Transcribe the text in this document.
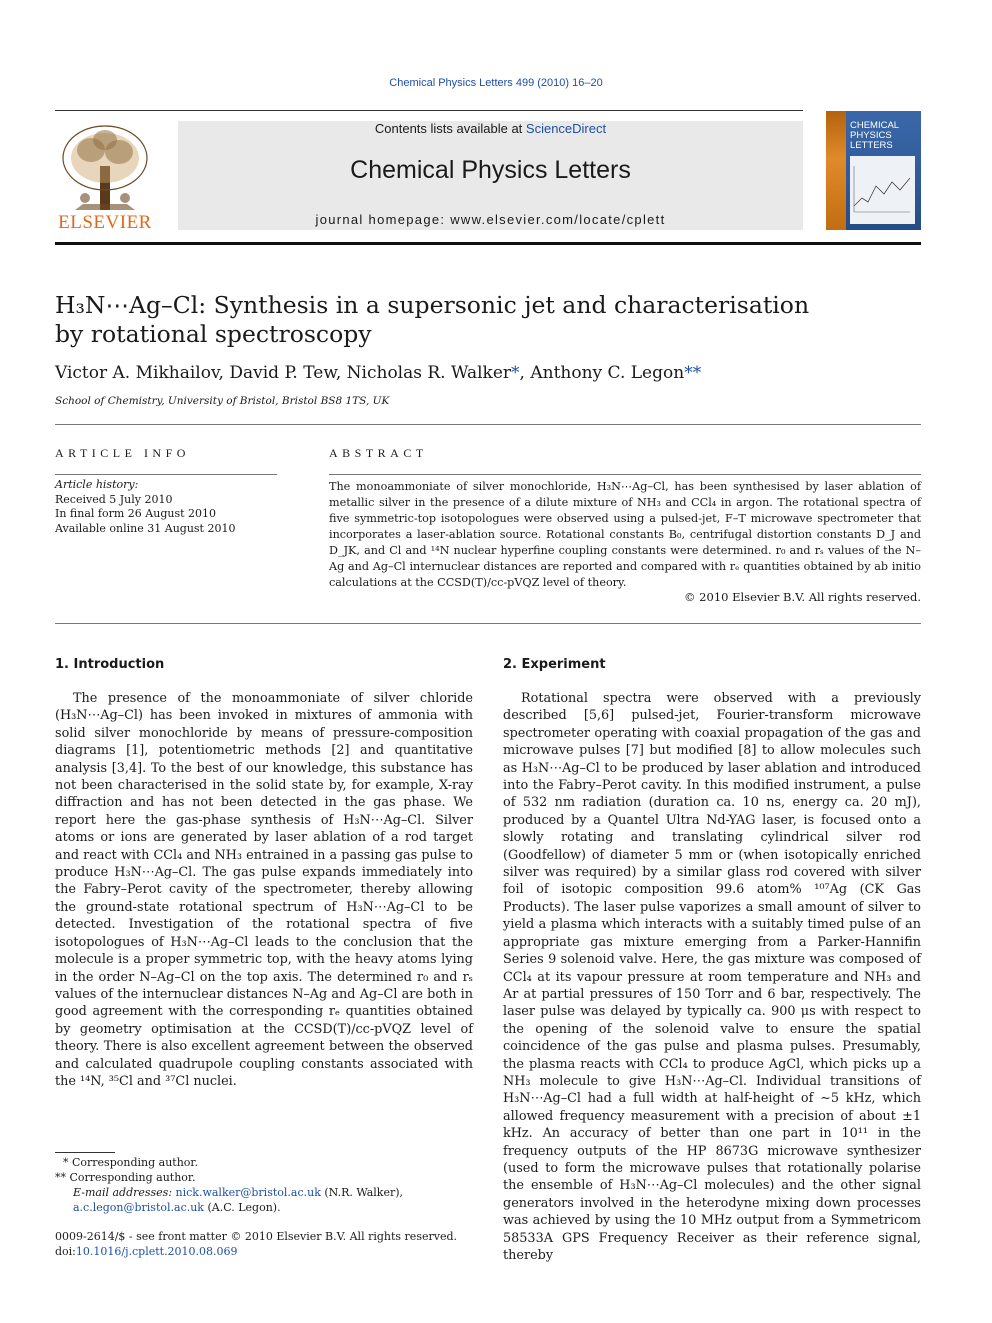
Chemical Physics Letters 499 (2010) 16–20
ELSEVIER
Contents lists available at ScienceDirect
Chemical Physics Letters
journal homepage: www.elsevier.com/locate/cplett
CHEMICAL PHYSICS LETTERS
H₃N⋯Ag–Cl: Synthesis in a supersonic jet and characterisation
by rotational spectroscopy
Victor A. Mikhailov, David P. Tew, Nicholas R. Walker*, Anthony C. Legon**
School of Chemistry, University of Bristol, Bristol BS8 1TS, UK
ARTICLE INFO
Article history:
Received 5 July 2010
In final form 26 August 2010
Available online 31 August 2010
ABSTRACT
The monoammoniate of silver monochloride, H₃N⋯Ag–Cl, has been synthesised by laser ablation of metallic silver in the presence of a dilute mixture of NH₃ and CCl₄ in argon. The rotational spectra of five symmetric-top isotopologues were observed using a pulsed-jet, F–T microwave spectrometer that incorporates a laser-ablation source. Rotational constants B₀, centrifugal distortion constants D_J and D_JK, and Cl and ¹⁴N nuclear hyperfine coupling constants were determined. r₀ and rₛ values of the N–Ag and Ag–Cl internuclear distances are reported and compared with rₑ quantities obtained by ab initio calculations at the CCSD(T)/cc-pVQZ level of theory.
© 2010 Elsevier B.V. All rights reserved.
1. Introduction

The presence of the monoammoniate of silver chloride (H₃N⋯Ag–Cl) has been invoked in mixtures of ammonia with solid silver monochloride by means of pressure-composition diagrams [1], potentiometric methods [2] and quantitative analysis [3,4]. To the best of our knowledge, this substance has not been characterised in the solid state by, for example, X-ray diffraction and has not been detected in the gas phase. We report here the gas-phase synthesis of H₃N⋯Ag–Cl. Silver atoms or ions are generated by laser ablation of a rod target and react with CCl₄ and NH₃ entrained in a passing gas pulse to produce H₃N⋯Ag–Cl. The gas pulse expands immediately into the Fabry–Perot cavity of the spectrometer, thereby allowing the ground-state rotational spectrum of H₃N⋯Ag–Cl to be detected. Investigation of the rotational spectra of five isotopologues of H₃N⋯Ag–Cl leads to the conclusion that the molecule is a proper symmetric top, with the heavy atoms lying in the order N–Ag–Cl on the top axis. The determined r₀ and rₛ values of the internuclear distances N–Ag and Ag–Cl are both in good agreement with the corresponding rₑ quantities obtained by geometry optimisation at the CCSD(T)/cc-pVQZ level of theory. There is also excellent agreement between the observed and calculated quadrupole coupling constants associated with the ¹⁴N, ³⁵Cl and ³⁷Cl nuclei.

2. Experiment

Rotational spectra were observed with a previously described [5,6] pulsed-jet, Fourier-transform microwave spectrometer operating with coaxial propagation of the gas and microwave pulses [7] but modified [8] to allow molecules such as H₃N⋯Ag–Cl to be produced by laser ablation and introduced into the Fabry–Perot cavity. In this modified instrument, a pulse of 532 nm radiation (duration ca. 10 ns, energy ca. 20 mJ), produced by a Quantel Ultra Nd-YAG laser, is focused onto a slowly rotating and translating cylindrical silver rod (Goodfellow) of diameter 5 mm or (when isotopically enriched silver was required) by a similar glass rod covered with silver foil of isotopic composition 99.6 atom% ¹⁰⁷Ag (CK Gas Products). The laser pulse vaporizes a small amount of silver to yield a plasma which interacts with a suitably timed pulse of an appropriate gas mixture emerging from a Parker-Hannifin Series 9 solenoid valve. Here, the gas mixture was composed of CCl₄ at its vapour pressure at room temperature and NH₃ and Ar at partial pressures of 150 Torr and 6 bar, respectively. The laser pulse was delayed by typically ca. 900 μs with respect to the opening of the solenoid valve to ensure the spatial coincidence of the gas pulse and plasma pulses. Presumably, the plasma reacts with CCl₄ to produce AgCl, which picks up a NH₃ molecule to give H₃N⋯Ag–Cl. Individual transitions of H₃N⋯Ag–Cl had a full width at half-height of ∼5 kHz, which allowed frequency measurement with a precision of about ±1 kHz. An accuracy of better than one part in 10¹¹ in the frequency outputs of the HP 8673G microwave synthesizer (used to form the microwave pulses that rotationally polarise the ensemble of H₃N⋯Ag–Cl molecules) and the other signal generators involved in the heterodyne mixing down processes was achieved by using the 10 MHz output from a Symmetricom 58533A GPS Frequency Receiver as their reference signal, thereby

* Corresponding author.
** Corresponding author.
E-mail addresses: nick.walker@bristol.ac.uk (N.R. Walker), a.c.legon@bristol.ac.uk (A.C. Legon).
0009-2614/$ - see front matter © 2010 Elsevier B.V. All rights reserved.
doi:10.1016/j.cplett.2010.08.069
